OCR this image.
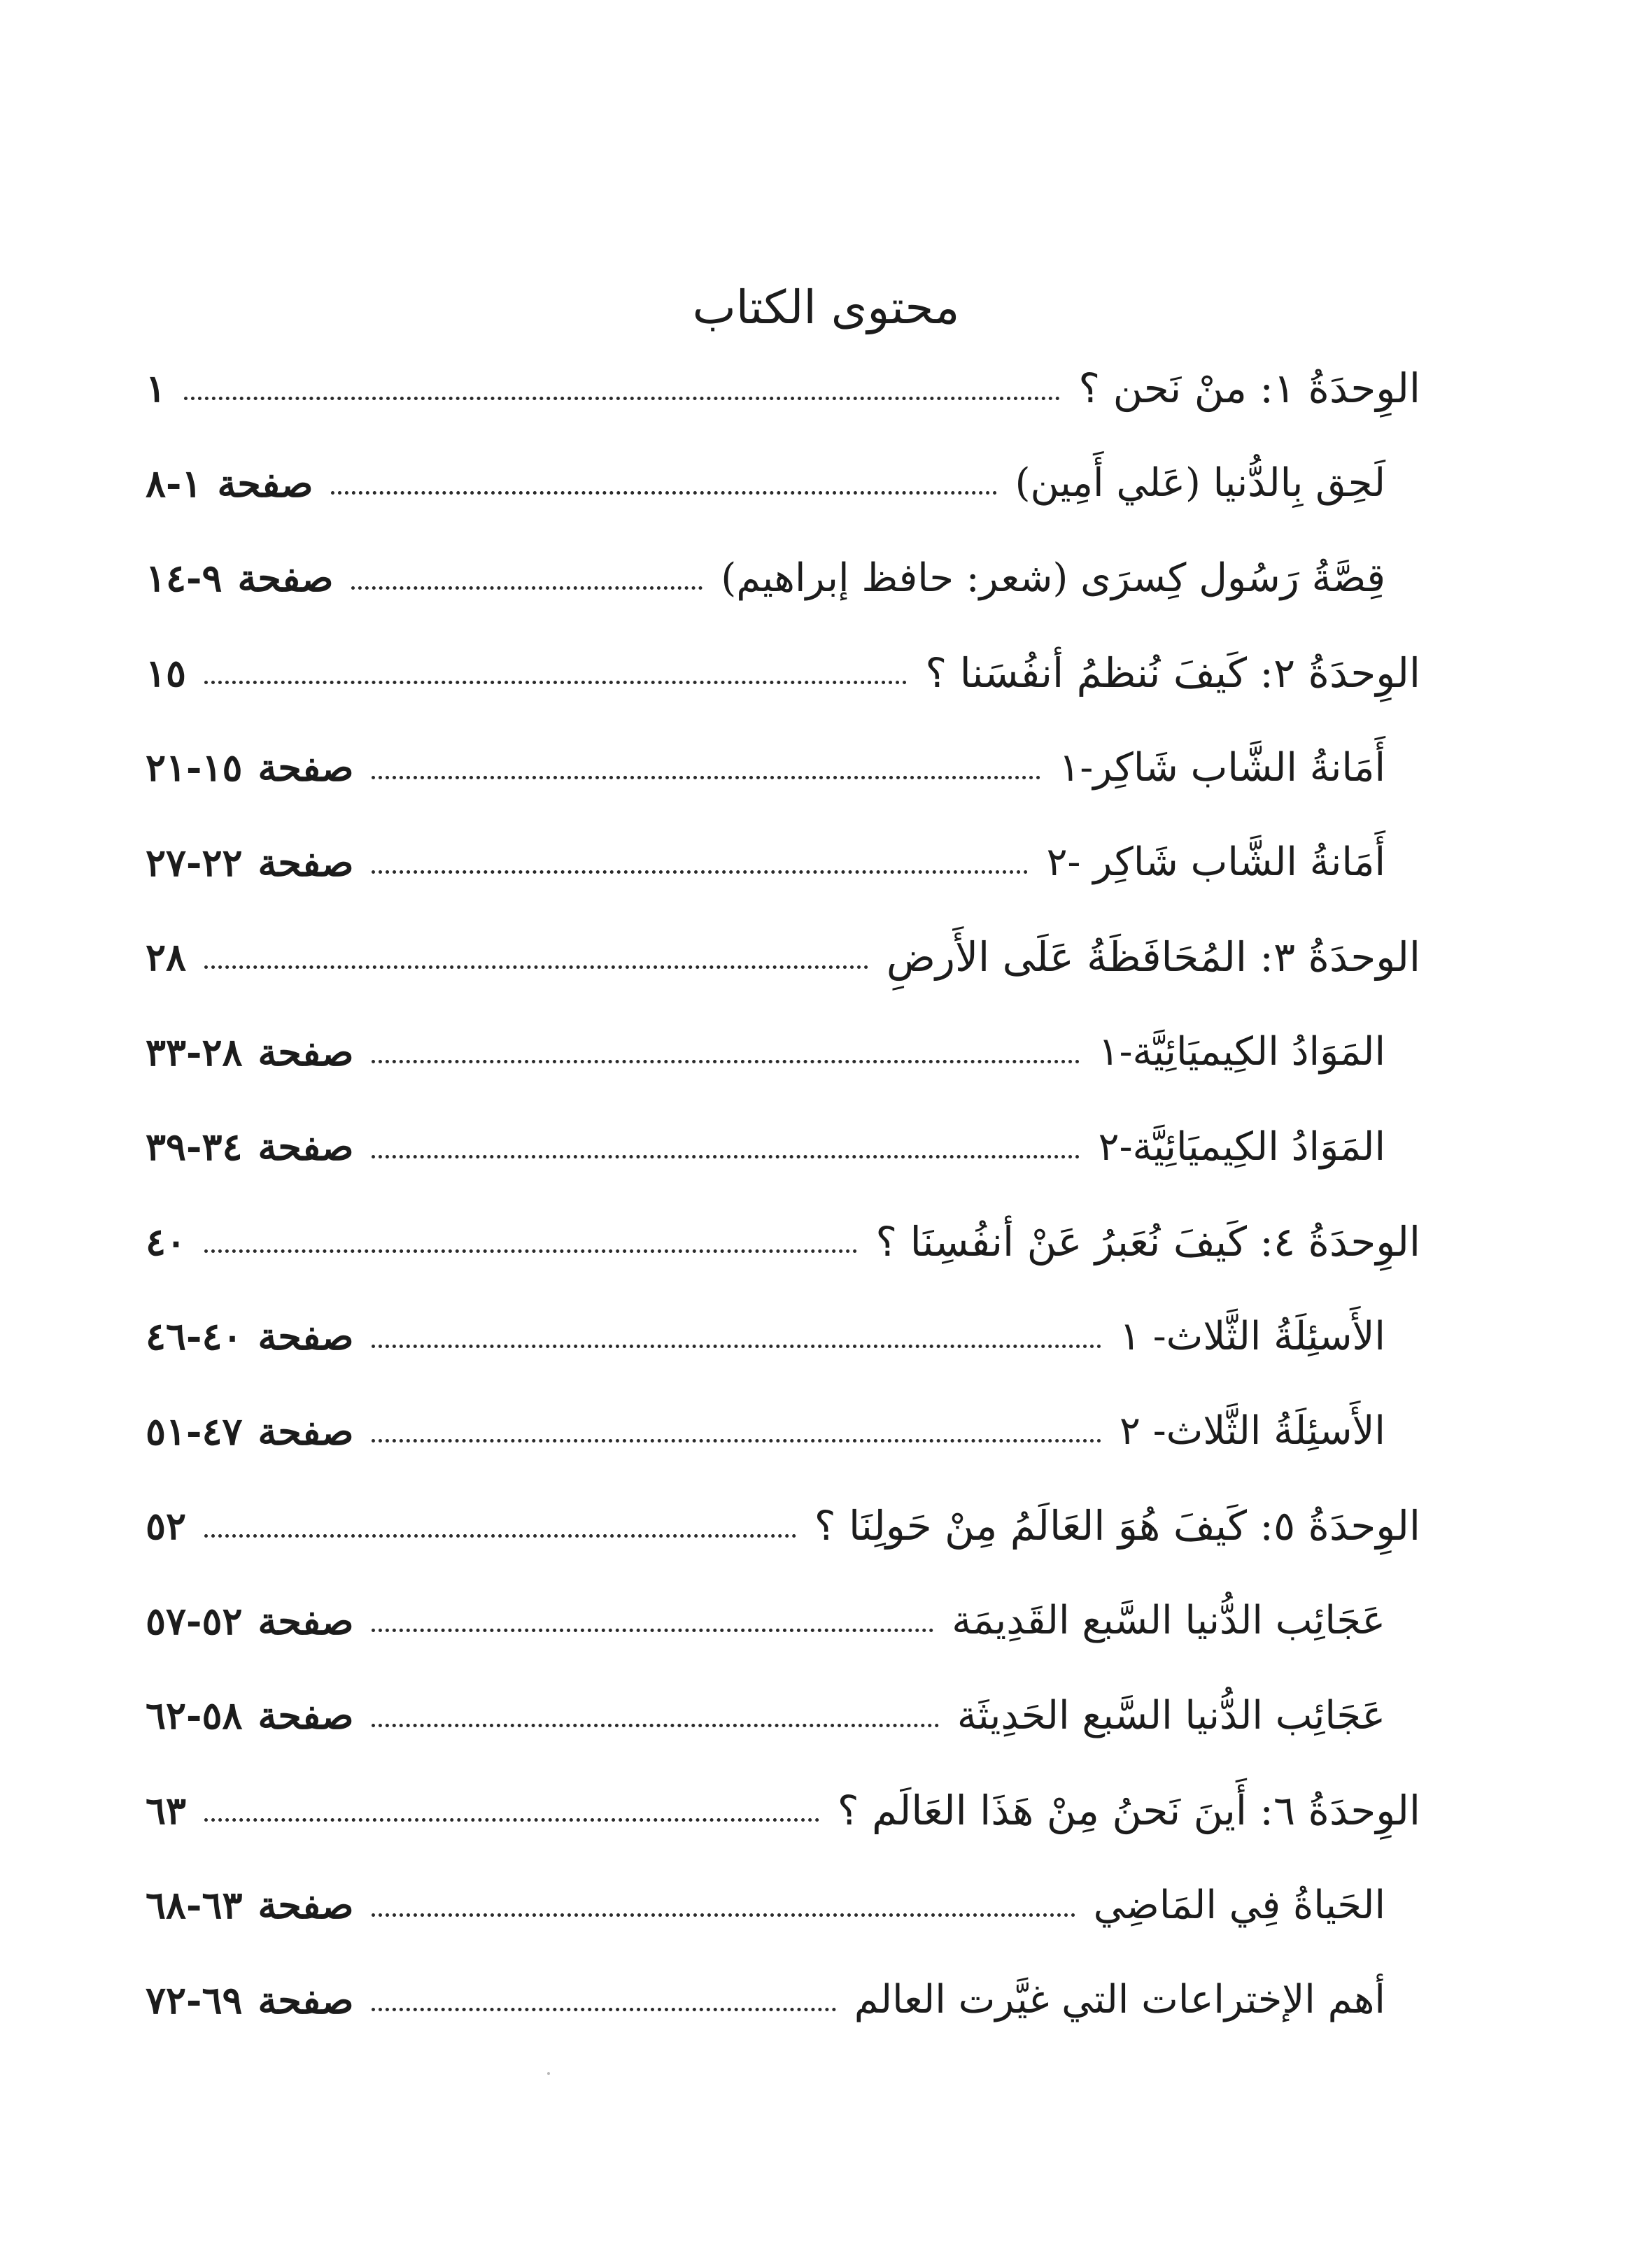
محتوى الكتاب
الوِحدَةُ ١: منْ نَحن ؟
١
لَحِق بِالدُّنيا (عَلي أَمِين)
صفحة١-٨
قِصَّةُ رَسُول كِسرَى (شعر: حافظ إبراهيم)
صفحة٩-١٤
الوِحدَةُ ٢: كَيفَ نُنظمُ أنفُسَنا ؟
١٥
أَمَانةُ الشَّاب شَاكِر-١
صفحة١٥-٢١
أَمَانةُ الشَّاب شَاكِر -٢
صفحة٢٢-٢٧
الوحدَةُ ٣: المُحَافَظَةُ عَلَى الأَرضِ
٢٨
المَوَادُ الكِيميَائِيَّة-١
صفحة٢٨-٣٣
المَوَادُ الكِيميَائِيَّة-٢
صفحة٣٤-٣٩
الوِحدَةُ ٤: كَيفَ نُعَبرُ عَنْ أنفُسِنَا ؟
٤٠
الأَسئِلَةُ الثَّلاث- ١
صفحة٤٠-٤٦
الأَسئِلَةُ الثَّلاث- ٢
صفحة٤٧-٥١
الوِحدَةُ ٥: كَيفَ هُوَ العَالَمُ مِنْ حَولِنَا ؟
٥٢
عَجَائِب الدُّنيا السَّبع القَدِيمَة
صفحة٥٢-٥٧
عَجَائِب الدُّنيا السَّبع الحَدِيثَة
صفحة٥٨-٦٢
الوِحدَةُ ٦: أَينَ نَحنُ مِنْ هَذَا العَالَم ؟
٦٣
الحَياةُ فِي المَاضِي
صفحة٦٣-٦٨
أهم الإختراعات التي غيَّرت العالم
صفحة٦٩-٧٢
